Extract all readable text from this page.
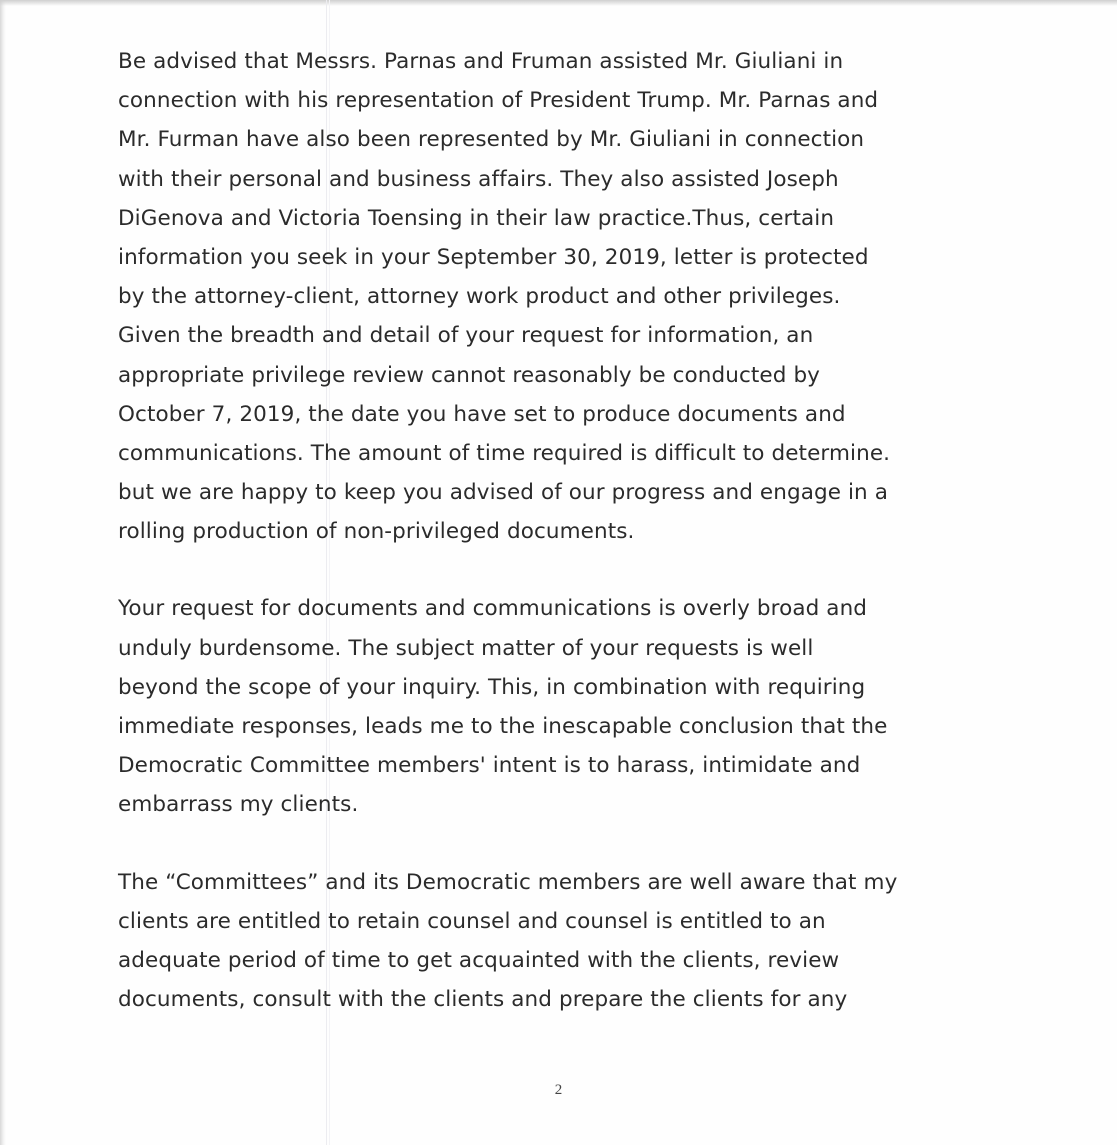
Be advised that Messrs. Parnas and Fruman assisted Mr. Giuliani in
connection with his representation of President Trump. Mr. Parnas and
Mr. Furman have also been represented by Mr. Giuliani in connection
with their personal and business affairs. They also assisted Joseph
DiGenova and Victoria Toensing in their law practice.Thus, certain
information you seek in your September 30, 2019, letter is protected
by the attorney-client, attorney work product and other privileges.
Given the breadth and detail of your request for information, an
appropriate privilege review cannot reasonably be conducted by
October 7, 2019, the date you have set to produce documents and
communications. The amount of time required is difficult to determine.
but we are happy to keep you advised of our progress and engage in a
rolling production of non-privileged documents.
Your request for documents and communications is overly broad and
unduly burdensome. The subject matter of your requests is well
beyond the scope of your inquiry. This, in combination with requiring
immediate responses, leads me to the inescapable conclusion that the
Democratic Committee members' intent is to harass, intimidate and
embarrass my clients.
The “Committees” and its Democratic members are well aware that my
clients are entitled to retain counsel and counsel is entitled to an
adequate period of time to get acquainted with the clients, review
documents, consult with the clients and prepare the clients for any
2
